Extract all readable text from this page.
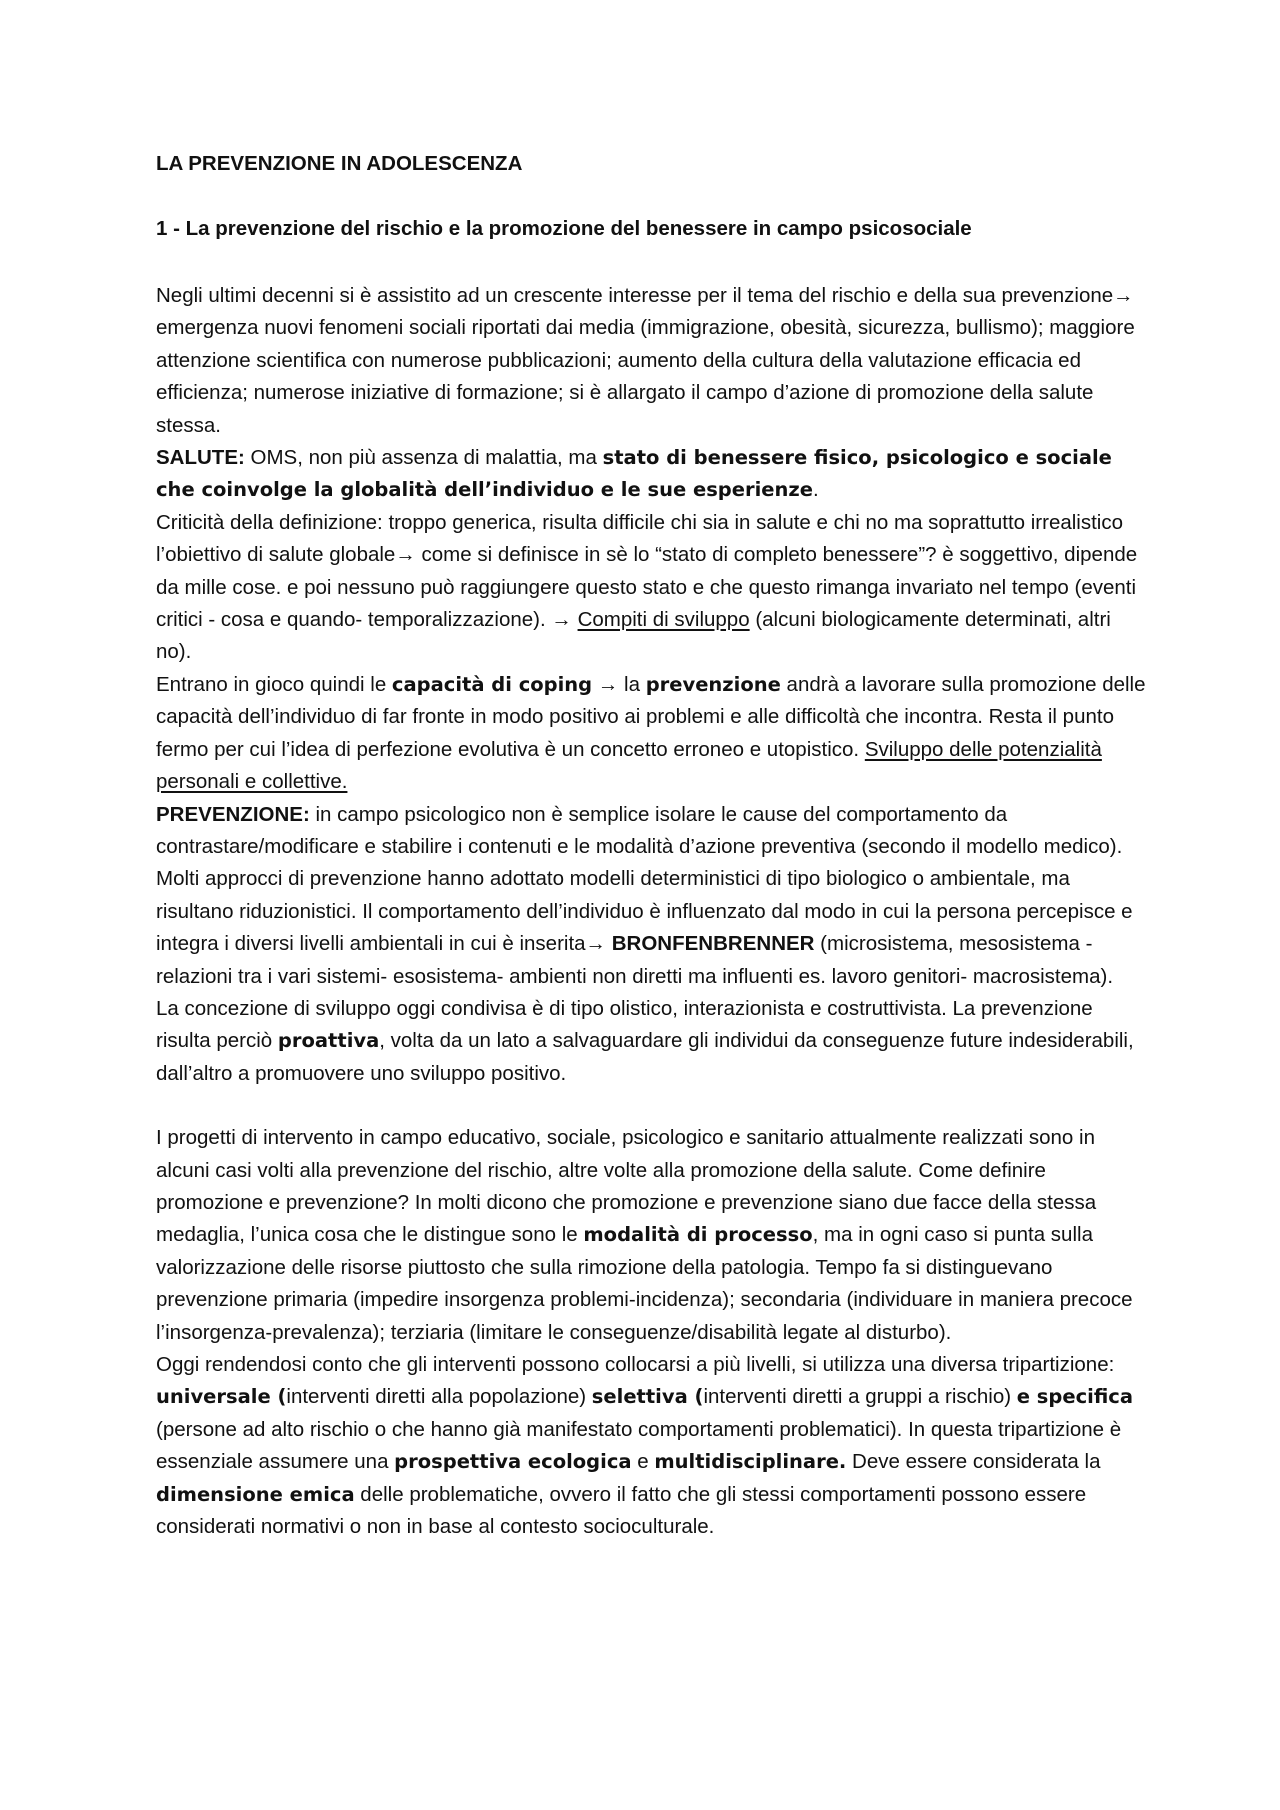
LA PREVENZIONE IN ADOLESCENZA
1 - La prevenzione del rischio e la promozione del benessere in campo psicosociale

Negli ultimi decenni si è assistito ad un crescente interesse per il tema del rischio e della sua prevenzione→ emergenza nuovi fenomeni sociali riportati dai media (immigrazione, obesità, sicurezza, bullismo); maggiore attenzione scientifica con numerose pubblicazioni; aumento della cultura della valutazione efficacia ed efficienza; numerose iniziative di formazione; si è allargato il campo d’azione di promozione della salute stessa.
SALUTE: OMS, non più assenza di malattia, ma stato di benessere fisico, psicologico e sociale che coinvolge la globalità dell’individuo e le sue esperienze.
Criticità della definizione: troppo generica, risulta difficile chi sia in salute e chi no ma soprattutto irrealistico l’obiettivo di salute globale→ come si definisce in sè lo “stato di completo benessere”? è soggettivo, dipende da mille cose. e poi nessuno può raggiungere questo stato e che questo rimanga invariato nel tempo (eventi critici - cosa e quando- temporalizzazione). → Compiti di sviluppo (alcuni biologicamente determinati, altri no).
Entrano in gioco quindi le capacità di coping → la prevenzione andrà a lavorare sulla promozione delle capacità dell’individuo di far fronte in modo positivo ai problemi e alle difficoltà che incontra. Resta il punto fermo per cui l’idea di perfezione evolutiva è un concetto erroneo e utopistico. Sviluppo delle potenzialità personali e collettive.
PREVENZIONE: in campo psicologico non è semplice isolare le cause del comportamento da contrastare/modificare e stabilire i contenuti e le modalità d’azione preventiva (secondo il modello medico). Molti approcci di prevenzione hanno adottato modelli deterministici di tipo biologico o ambientale, ma risultano riduzionistici. Il comportamento dell’individuo è influenzato dal modo in cui la persona percepisce e integra i diversi livelli ambientali in cui è inserita→ BRONFENBRENNER (microsistema, mesosistema - relazioni tra i vari sistemi- esosistema- ambienti non diretti ma influenti es. lavoro genitori- macrosistema).
La concezione di sviluppo oggi condivisa è di tipo olistico, interazionista e costruttivista. La prevenzione risulta perciò proattiva, volta da un lato a salvaguardare gli individui da conseguenze future indesiderabili, dall’altro a promuovere uno sviluppo positivo.

I progetti di intervento in campo educativo, sociale, psicologico e sanitario attualmente realizzati sono in alcuni casi volti alla prevenzione del rischio, altre volte alla promozione della salute. Come definire promozione e prevenzione? In molti dicono che promozione e prevenzione siano due facce della stessa medaglia, l’unica cosa che le distingue sono le modalità di processo, ma in ogni caso si punta sulla valorizzazione delle risorse piuttosto che sulla rimozione della patologia. Tempo fa si distinguevano prevenzione primaria (impedire insorgenza problemi-incidenza); secondaria (individuare in maniera precoce l’insorgenza-prevalenza); terziaria (limitare le conseguenze/disabilità legate al disturbo).
Oggi rendendosi conto che gli interventi possono collocarsi a più livelli, si utilizza una diversa tripartizione: universale (interventi diretti alla popolazione) selettiva (interventi diretti a gruppi a rischio) e specifica (persone ad alto rischio o che hanno già manifestato comportamenti problematici). In questa tripartizione è essenziale assumere una prospettiva ecologica e multidisciplinare. Deve essere considerata la dimensione emica delle problematiche, ovvero il fatto che gli stessi comportamenti possono essere considerati normativi o non in base al contesto socioculturale.
